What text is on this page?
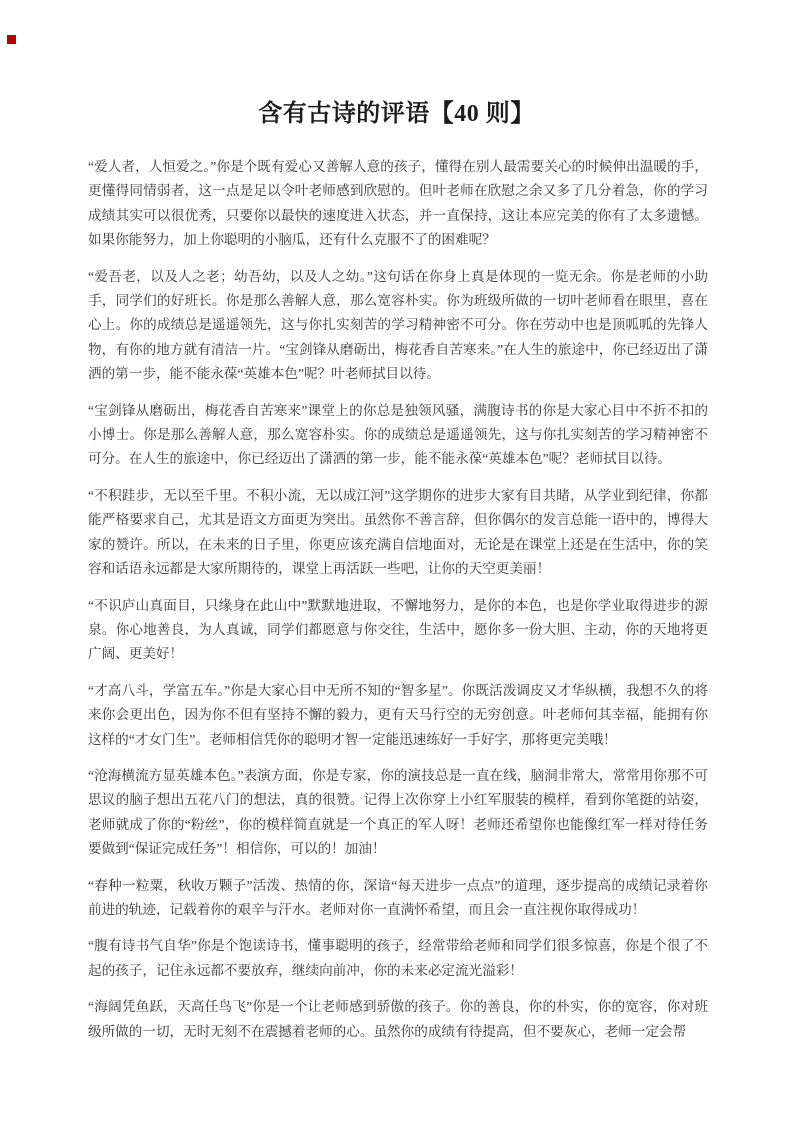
含有古诗的评语【40 则】

“爱人者，人恒爱之。”你是个既有爱心又善解人意的孩子，懂得在别人最需要关心的时候伸出温暖的手，更懂得同情弱者，这一点是足以令叶老师感到欣慰的。但叶老师在欣慰之余又多了几分着急，你的学习成绩其实可以很优秀，只要你以最快的速度进入状态，并一直保持，这让本应完美的你有了太多遗憾。如果你能努力，加上你聪明的小脑瓜，还有什么克服不了的困难呢？

“爱吾老，以及人之老；幼吾幼，以及人之幼。”这句话在你身上真是体现的一览无余。你是老师的小助手，同学们的好班长。你是那么善解人意，那么宽容朴实。你为班级所做的一切叶老师看在眼里，喜在心上。你的成绩总是遥遥领先，这与你扎实刻苦的学习精神密不可分。你在劳动中也是顶呱呱的先锋人物，有你的地方就有清洁一片。“宝剑锋从磨砺出，梅花香自苦寒来。”在人生的旅途中，你已经迈出了潇洒的第一步，能不能永葆“英雄本色”呢？叶老师拭目以待。

“宝剑锋从磨砺出，梅花香自苦寒来”课堂上的你总是独领风骚，满腹诗书的你是大家心目中不折不扣的小博士。你是那么善解人意，那么宽容朴实。你的成绩总是遥遥领先，这与你扎实刻苦的学习精神密不可分。在人生的旅途中，你已经迈出了潇洒的第一步，能不能永葆“英雄本色”呢？老师拭目以待。

“不积跬步，无以至千里。不积小流，无以成江河”这学期你的进步大家有目共睹，从学业到纪律，你都能严格要求自己，尤其是语文方面更为突出。虽然你不善言辞，但你偶尔的发言总能一语中的，博得大家的赞许。所以，在未来的日子里，你更应该充满自信地面对，无论是在课堂上还是在生活中，你的笑容和话语永远都是大家所期待的，课堂上再活跃一些吧，让你的天空更美丽！

“不识庐山真面目，只缘身在此山中”默默地进取，不懈地努力，是你的本色，也是你学业取得进步的源泉。你心地善良，为人真诚，同学们都愿意与你交往，生活中，愿你多一份大胆、主动，你的天地将更广阔、更美好！

“才高八斗，学富五车。”你是大家心目中无所不知的“智多星”。你既活泼调皮又才华纵横，我想不久的将来你会更出色，因为你不但有坚持不懈的毅力，更有天马行空的无穷创意。叶老师何其幸福，能拥有你这样的“才女门生”。老师相信凭你的聪明才智一定能迅速练好一手好字，那将更完美哦！

“沧海横流方显英雄本色。”表演方面，你是专家，你的演技总是一直在线，脑洞非常大，常常用你那不可思议的脑子想出五花八门的想法，真的很赞。记得上次你穿上小红军服装的模样，看到你笔挺的站姿，老师就成了你的“粉丝”，你的模样简直就是一个真正的军人呀！老师还希望你也能像红军一样对待任务要做到“保证完成任务”！相信你，可以的！加油！

“春种一粒粟，秋收万颗子”活泼、热情的你，深谙“每天进步一点点”的道理，逐步提高的成绩记录着你前进的轨迹，记载着你的艰辛与汗水。老师对你一直满怀希望，而且会一直注视你取得成功！

“腹有诗书气自华”你是个饱读诗书，懂事聪明的孩子，经常带给老师和同学们很多惊喜，你是个很了不起的孩子，记住永远都不要放弃，继续向前冲，你的未来必定流光溢彩！

“海阔凭鱼跃，天高任鸟飞”你是一个让老师感到骄傲的孩子。你的善良，你的朴实，你的宽容，你对班级所做的一切，无时无刻不在震撼着老师的心。虽然你的成绩有待提高，但不要灰心，老师一定会帮
